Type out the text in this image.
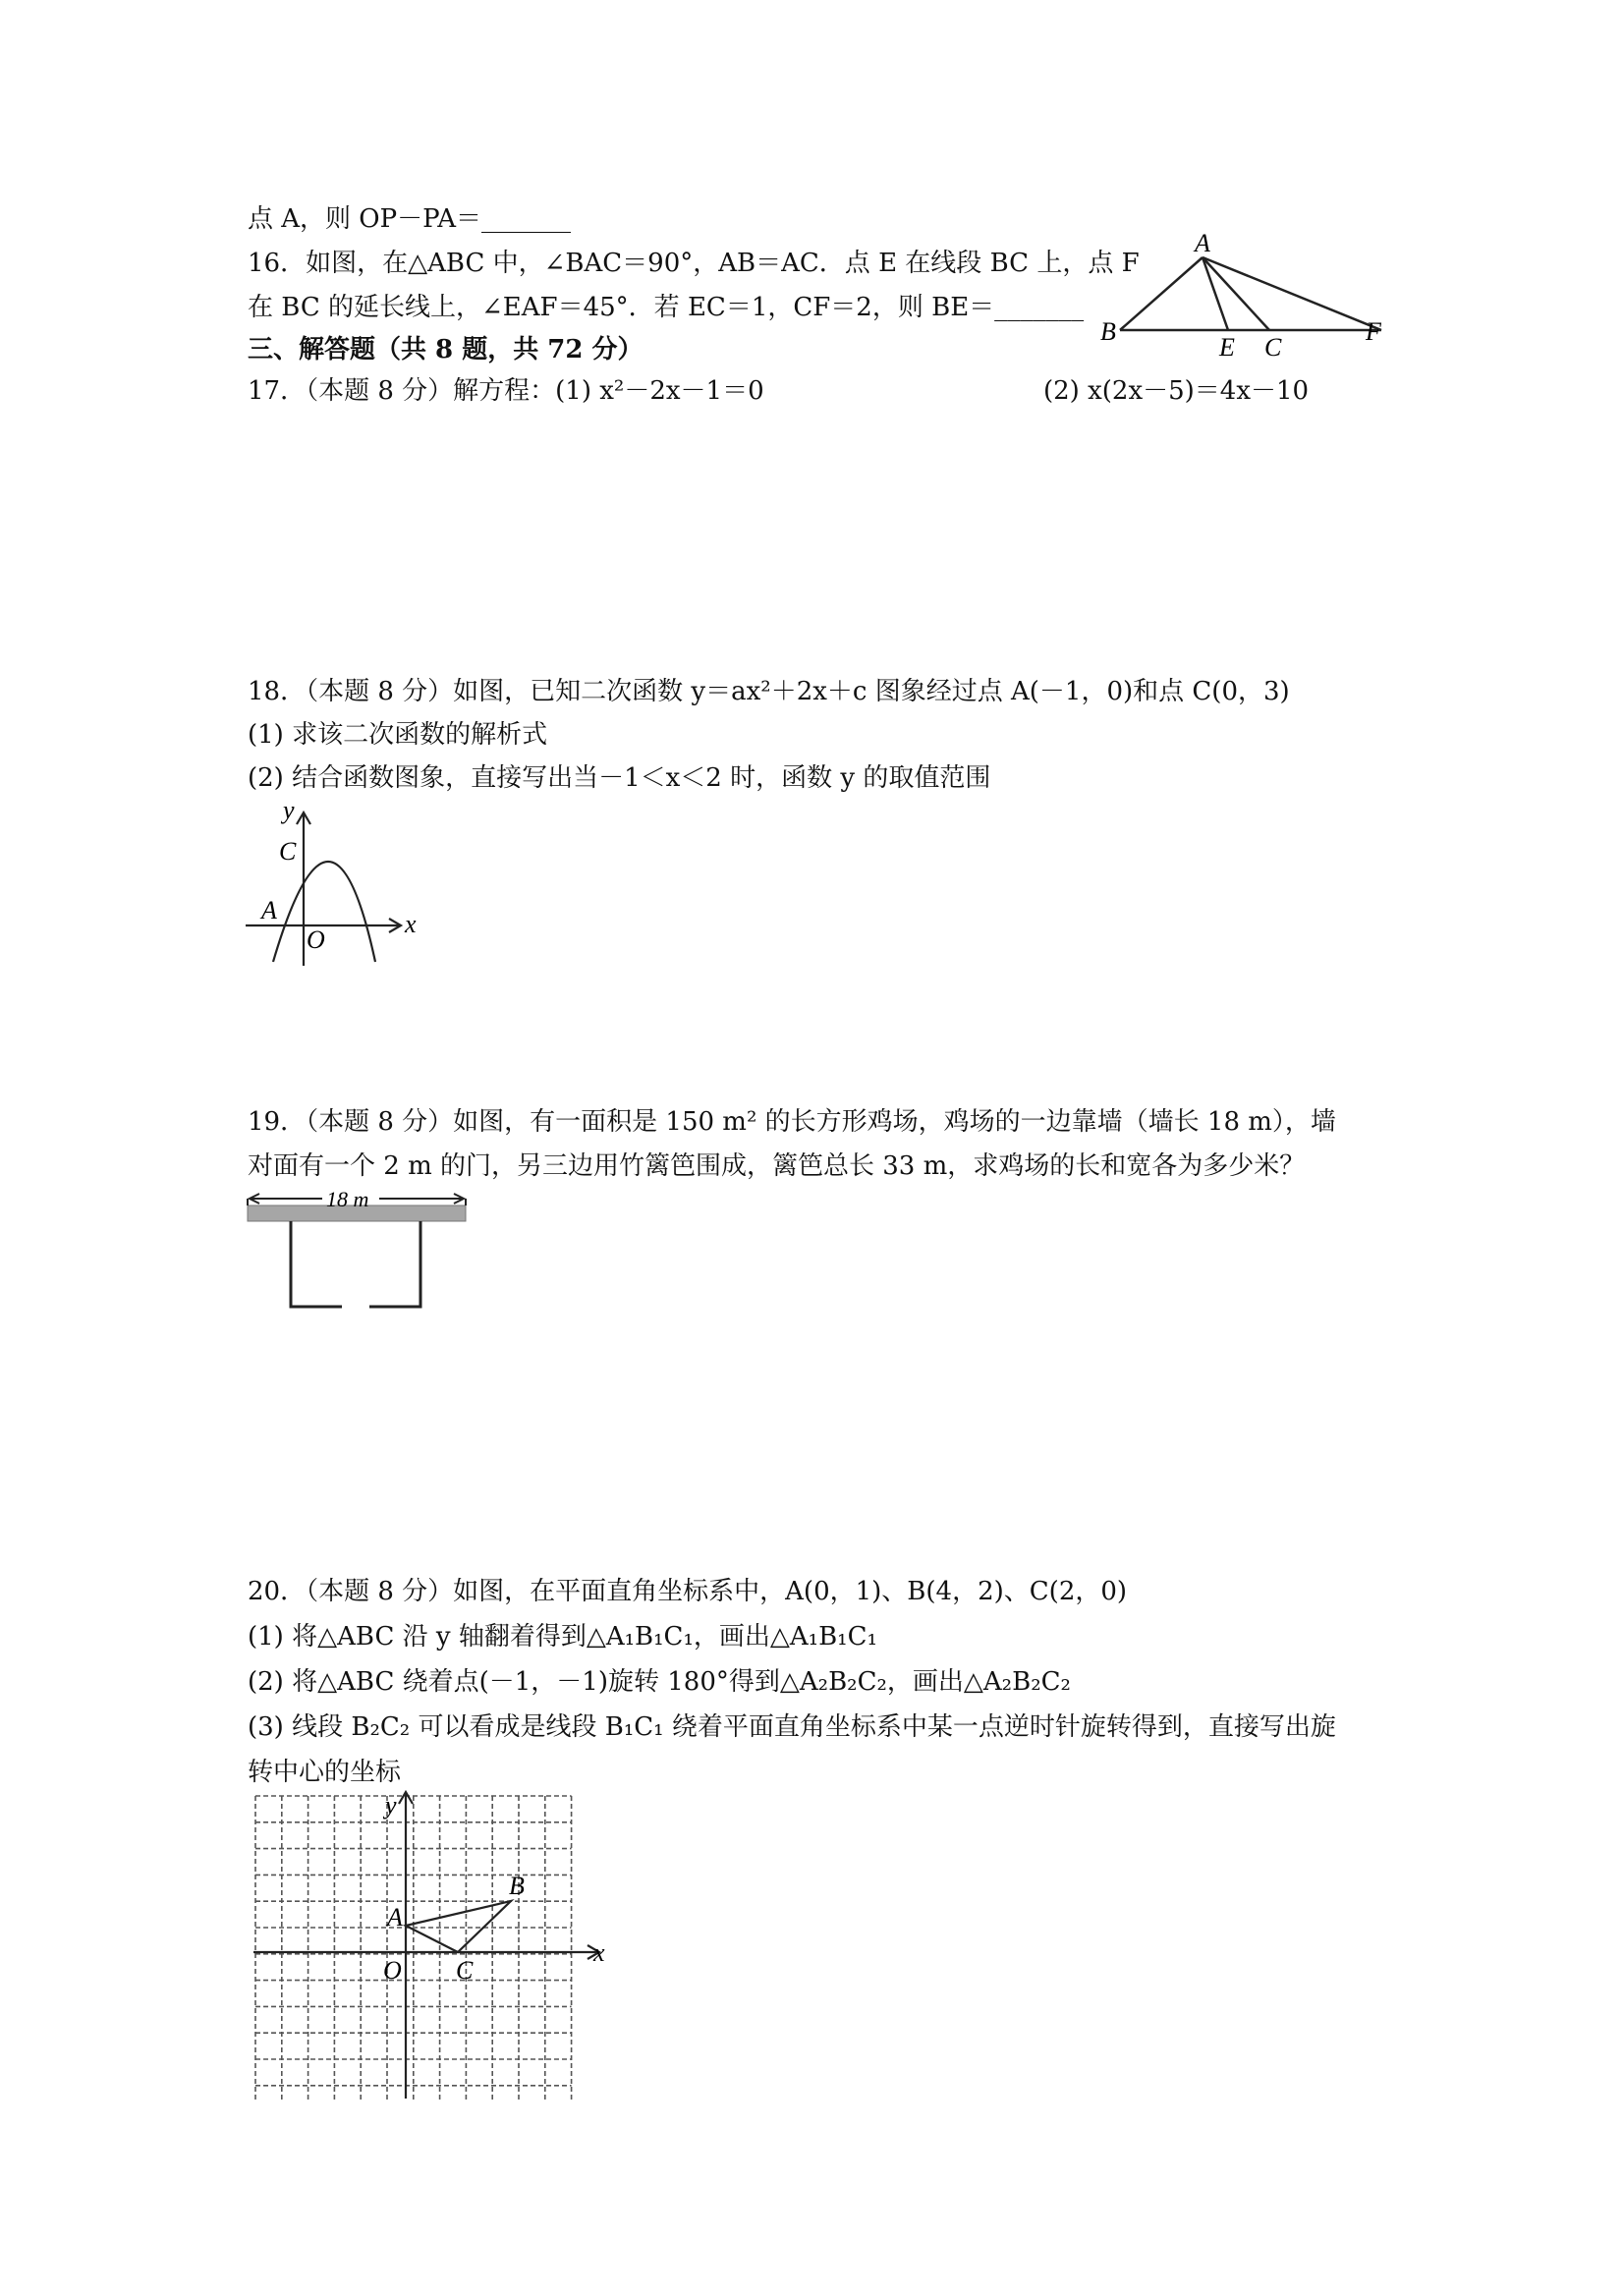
点 A，则 OP－PA＝_______
16．如图，在△ABC 中，∠BAC＝90°，AB＝AC．点 E 在线段 BC 上，点 F
在 BC 的延长线上，∠EAF＝45°．若 EC＝1，CF＝2，则 BE＝_______
三、解答题（共 8 题，共 72 分）
17．（本题 8 分）解方程：(1) x²－2x－1＝0	(2) x(2x－5)＝4x－10
18．（本题 8 分）如图，已知二次函数 y＝ax²＋2x＋c 图象经过点 A(－1，0)和点 C(0，3)
(1) 求该二次函数的解析式
(2) 结合函数图象，直接写出当－1＜x＜2 时，函数 y 的取值范围
19．（本题 8 分）如图，有一面积是 150 m² 的长方形鸡场，鸡场的一边靠墙（墙长 18 m），墙
对面有一个 2 m 的门，另三边用竹篱笆围成，篱笆总长 33 m，求鸡场的长和宽各为多少米？
20．（本题 8 分）如图，在平面直角坐标系中，A(0，1)、B(4，2)、C(2，0)
(1) 将△ABC 沿 y 轴翻着得到△A₁B₁C₁，画出△A₁B₁C₁
(2) 将△ABC 绕着点(－1，－1)旋转 180°得到△A₂B₂C₂，画出△A₂B₂C₂
(3) 线段 B₂C₂ 可以看成是线段 B₁C₁ 绕着平面直角坐标系中某一点逆时针旋转得到，直接写出旋
转中心的坐标
A
B
E C
F
y
x
C
A
O
18 m
y
x
A
B
C
O
